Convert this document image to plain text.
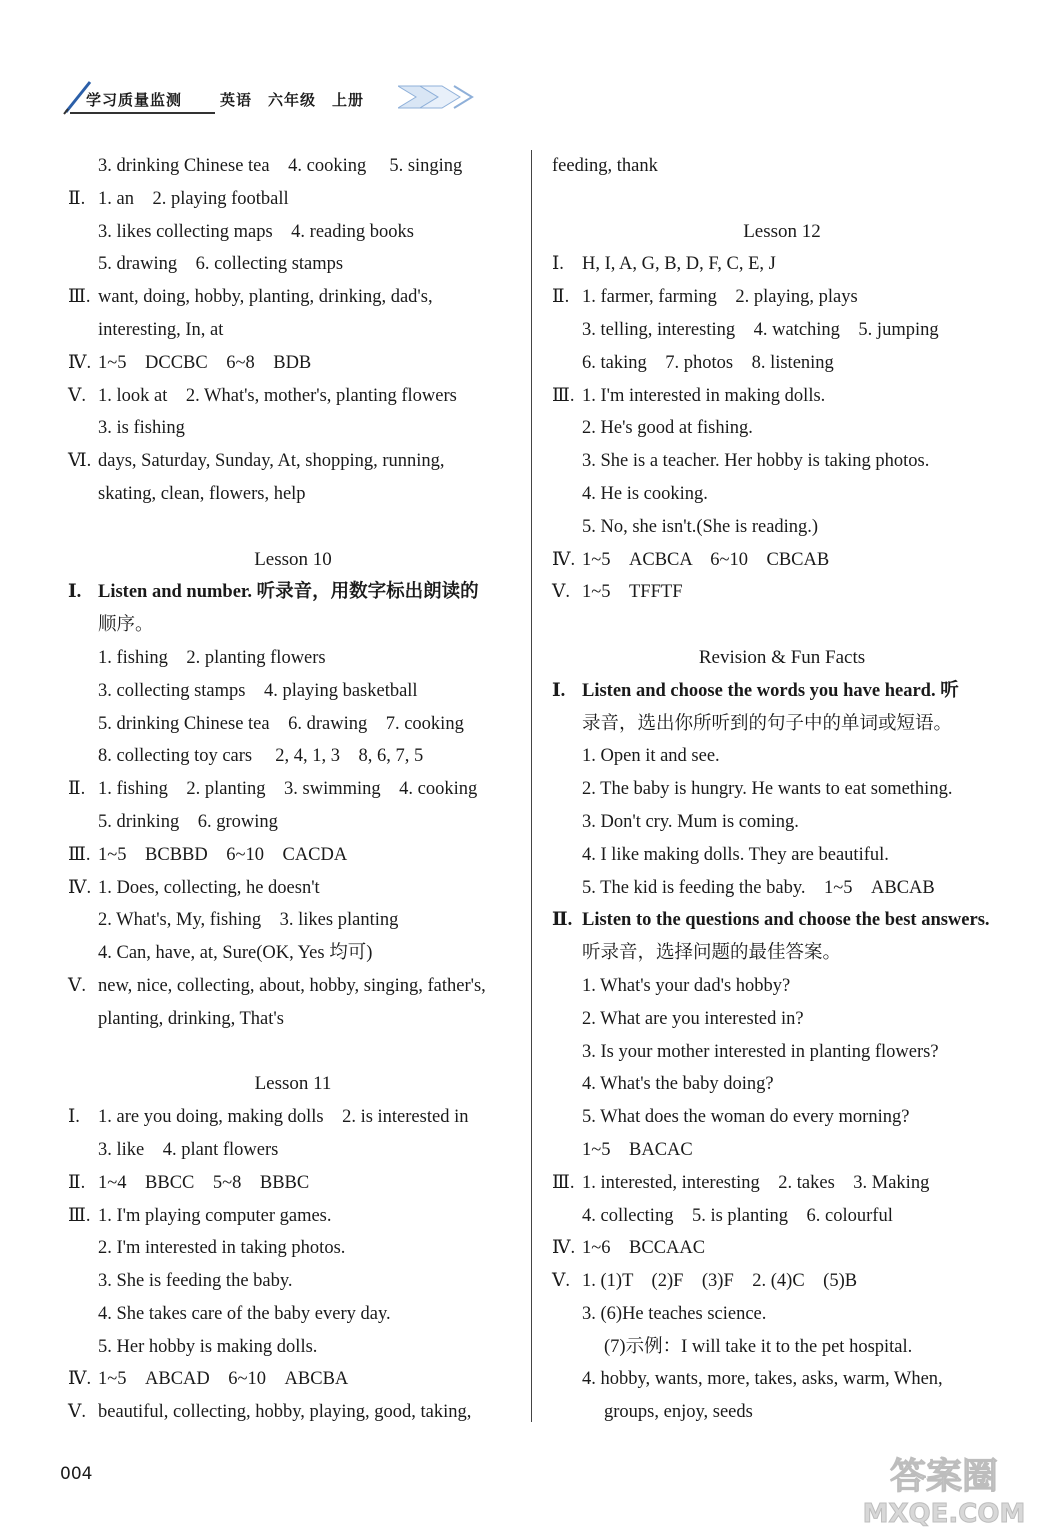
学习质量监测	英语　六年级　上册
3. drinking Chinese tea　4. cooking　 5. singing
Ⅱ. 1. an　2. playing football
3. likes collecting maps　4. reading books
5. drawing　6. collecting stamps
Ⅲ. want, doing, hobby, planting, drinking, dad's,
interesting, In, at
Ⅳ. 1~5　DCCBC　6~8　BDB
Ⅴ. 1. look at　2. What's, mother's, planting flowers
3. is fishing
Ⅵ. days, Saturday, Sunday, At, shopping, running,
skating, clean, flowers, help
Lesson 10
Ⅰ. Listen and number. 听录音，用数字标出朗读的
顺序。
1. fishing　2. planting flowers
3. collecting stamps　4. playing basketball
5. drinking Chinese tea　6. drawing　7. cooking
8. collecting toy cars　 2, 4, 1, 3　8, 6, 7, 5
Ⅱ. 1. fishing　2. planting　3. swimming　4. cooking
5. drinking　6. growing
Ⅲ. 1~5　BCBBD　6~10　CACDA
Ⅳ. 1. Does, collecting, he doesn't
2. What's, My, fishing　3. likes planting
4. Can, have, at, Sure(OK, Yes 均可)
Ⅴ. new, nice, collecting, about, hobby, singing, father's,
planting, drinking, That's
Lesson 11
Ⅰ. 1. are you doing, making dolls　2. is interested in
3. like　4. plant flowers
Ⅱ. 1~4　BBCC　5~8　BBBC
Ⅲ. 1. I'm playing computer games.
2. I'm interested in taking photos.
3. She is feeding the baby.
4. She takes care of the baby every day.
5. Her hobby is making dolls.
Ⅳ. 1~5　ABCAD　6~10　ABCBA
Ⅴ. beautiful, collecting, hobby, playing, good, taking,
feeding, thank
Lesson 12
Ⅰ. H, I, A, G, B, D, F, C, E, J
Ⅱ. 1. farmer, farming　2. playing, plays
3. telling, interesting　4. watching　5. jumping
6. taking　7. photos　8. listening
Ⅲ. 1. I'm interested in making dolls.
2. He's good at fishing.
3. She is a teacher. Her hobby is taking photos.
4. He is cooking.
5. No, she isn't.(She is reading.)
Ⅳ. 1~5　ACBCA　6~10　CBCAB
Ⅴ. 1~5　TFFTF
Revision & Fun Facts
Ⅰ. Listen and choose the words you have heard. 听
录音，选出你所听到的句子中的单词或短语。
1. Open it and see.
2. The baby is hungry. He wants to eat something.
3. Don't cry. Mum is coming.
4. I like making dolls. They are beautiful.
5. The kid is feeding the baby.　1~5　ABCAB
Ⅱ. Listen to the questions and choose the best answers.
听录音，选择问题的最佳答案。
1. What's your dad's hobby?
2. What are you interested in?
3. Is your mother interested in planting flowers?
4. What's the baby doing?
5. What does the woman do every morning?
1~5　BACAC
Ⅲ. 1. interested, interesting　2. takes　3. Making
4. collecting　5. is planting　6. colourful
Ⅳ. 1~6　BCCAAC
Ⅴ. 1. (1)T　(2)F　(3)F　2. (4)C　(5)B
3. (6)He teaches science.
(7)示例：I will take it to the pet hospital.
4. hobby, wants, more, takes, asks, warm, When,
groups, enjoy, seeds
004	答案圈
MXQE.COM
